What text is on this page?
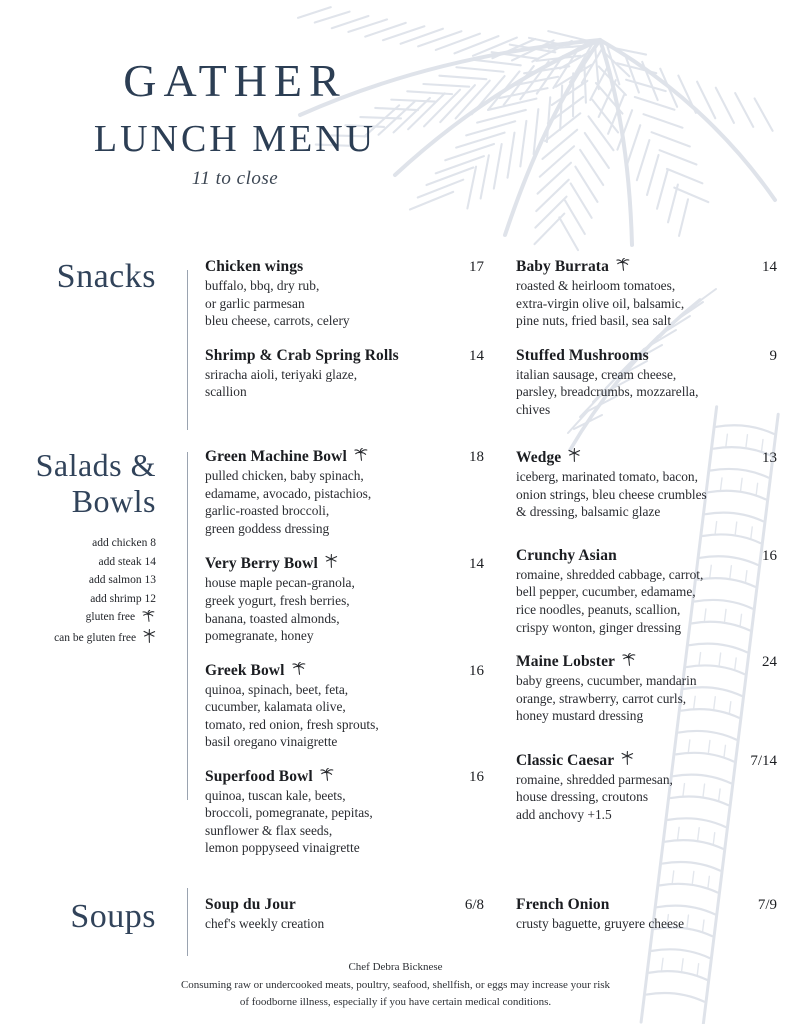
GATHER
LUNCH MENU
11 to close
Snacks	Chicken wings	17
buffalo, bbq, dry rub,
or garlic parmesan
bleu cheese, carrots, celery
Shrimp & Crab Spring Rolls	14
sriracha aioli, teriyaki glaze,
scallion
Baby Burrata	14
roasted & heirloom tomatoes,
extra-virgin olive oil, balsamic,
pine nuts, fried basil, sea salt
Stuffed Mushrooms	9
italian sausage, cream cheese,
parsley, breadcrumbs, mozzarella,
chives
Salads &
Bowls
add chicken 8
add steak 14
add salmon 13
add shrimp 12
gluten free
can be gluten free
Green Machine Bowl	18
pulled chicken, baby spinach,
edamame, avocado, pistachios,
garlic-roasted broccoli,
green goddess dressing
Very Berry Bowl	14
house maple pecan-granola,
greek yogurt, fresh berries,
banana, toasted almonds,
pomegranate, honey
Greek Bowl	16
quinoa, spinach, beet, feta,
cucumber, kalamata olive,
tomato, red onion, fresh sprouts,
basil oregano vinaigrette
Superfood Bowl	16
quinoa, tuscan kale, beets,
broccoli, pomegranate, pepitas,
sunflower & flax seeds,
lemon poppyseed vinaigrette
Wedge	13
iceberg, marinated tomato, bacon,
onion strings, bleu cheese crumbles
& dressing, balsamic glaze
Crunchy Asian	16
romaine, shredded cabbage, carrot,
bell pepper, cucumber, edamame,
rice noodles, peanuts, scallion,
crispy wonton, ginger dressing
Maine Lobster	24
baby greens, cucumber, mandarin
orange, strawberry, carrot curls,
honey mustard dressing
Classic Caesar	7/14
romaine, shredded parmesan,
house dressing, croutons
add anchovy +1.5
Soups	Soup du Jour	6/8
chef's weekly creation
French Onion	7/9
crusty baguette, gruyere cheese
Chef Debra Bicknese
Consuming raw or undercooked meats, poultry, seafood, shellfish, or eggs may increase your risk
of foodborne illness, especially if you have certain medical conditions.
